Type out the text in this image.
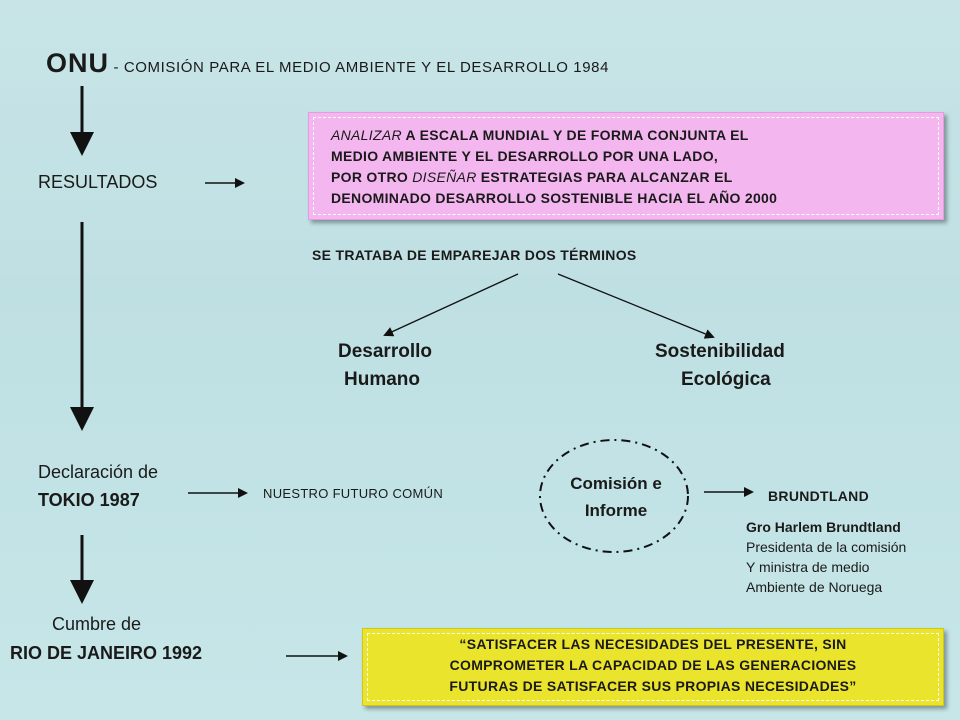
ONU - COMISIÓN PARA EL MEDIO AMBIENTE Y EL DESARROLLO 1984
RESULTADOS
ANALIZAR A ESCALA MUNDIAL Y DE FORMA CONJUNTA EL
MEDIO AMBIENTE Y EL DESARROLLO POR UNA LADO,
POR OTRO DISEÑAR ESTRATEGIAS PARA ALCANZAR EL
DENOMINADO DESARROLLO SOSTENIBLE HACIA EL AÑO 2000
SE TRATABA DE EMPAREJAR DOS TÉRMINOS
Desarrollo
Humano
Sostenibilidad
Ecológica
Declaración de
TOKIO 1987	NUESTRO FUTURO COMÚN
Comisión e
Informe
BRUNDTLAND
Gro Harlem Brundtland
Presidenta de la comisión
Y ministra de medio
Ambiente de Noruega
Cumbre de
RIO DE JANEIRO 1992	“SATISFACER LAS NECESIDADES DEL PRESENTE, SIN
COMPROMETER LA CAPACIDAD DE LAS GENERACIONES
FUTURAS DE SATISFACER SUS PROPIAS NECESIDADES”
